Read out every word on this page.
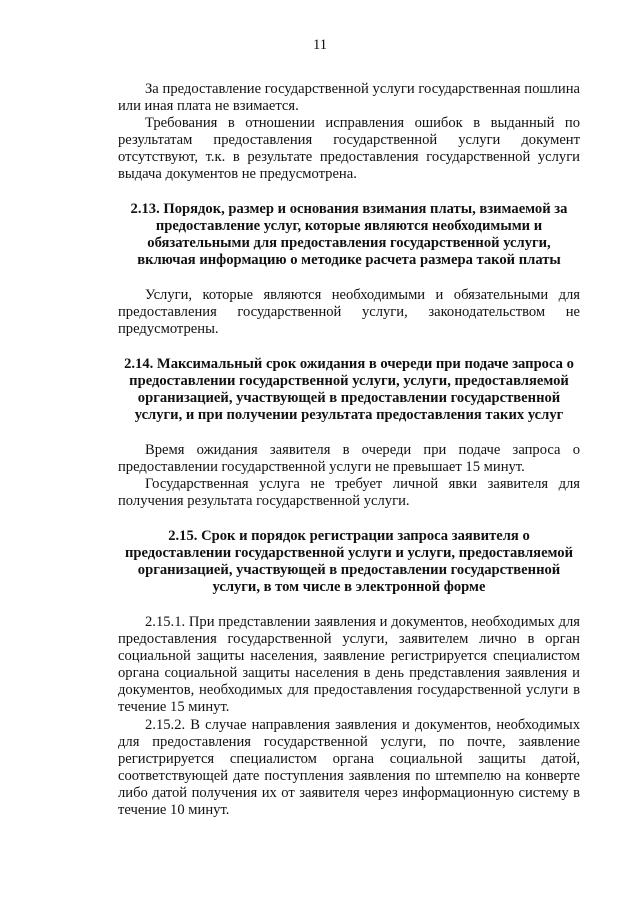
11

За предоставление государственной услуги государственная пошлина или иная плата не взимается.

Требования в отношении исправления ошибок в выданный по результатам предоставления государственной услуги документ отсутствуют, т.к. в результате предоставления государственной услуги выдача документов не предусмотрена.

2.13. Порядок, размер и основания взимания платы, взимаемой за предоставление услуг, которые являются необходимыми и обязательными для предоставления государственной услуги, включая информацию о методике расчета размера такой платы

Услуги, которые являются необходимыми и обязательными для предоставления государственной услуги, законодательством не предусмотрены.

2.14. Максимальный срок ожидания в очереди при подаче запроса о предоставлении государственной услуги, услуги, предоставляемой организацией, участвующей в предоставлении государственной услуги, и при получении результата предоставления таких услуг

Время ожидания заявителя в очереди при подаче запроса о предоставлении государственной услуги не превышает 15 минут.

Государственная услуга не требует личной явки заявителя для получения результата государственной услуги.

2.15. Срок и порядок регистрации запроса заявителя о предоставлении государственной услуги и услуги, предоставляемой организацией, участвующей в предоставлении государственной услуги, в том числе в электронной форме

2.15.1. При представлении заявления и документов, необходимых для предоставления государственной услуги, заявителем лично в орган социальной защиты населения, заявление регистрируется специалистом органа социальной защиты населения в день представления заявления и документов, необходимых для предоставления государственной услуги в течение 15 минут.

2.15.2. В случае направления заявления и документов, необходимых для предоставления государственной услуги, по почте, заявление регистрируется специалистом органа социальной защиты датой, соответствующей дате поступления заявления по штемпелю на конверте либо датой получения их от заявителя через информационную систему в течение 10 минут.
